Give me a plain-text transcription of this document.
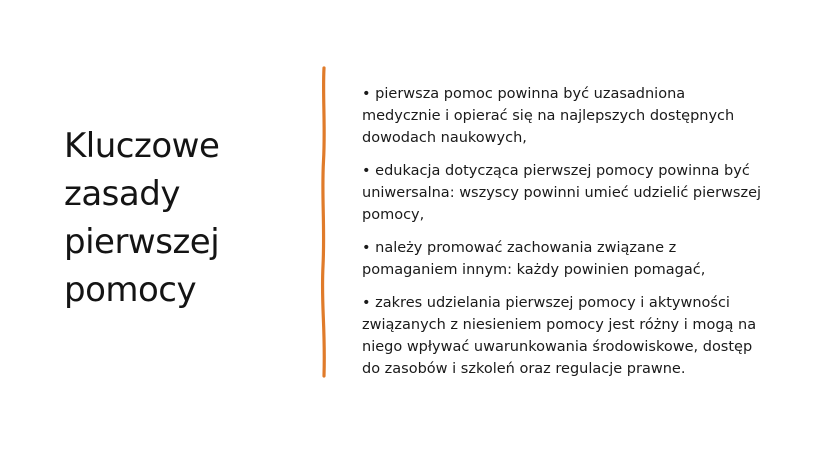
Kluczowe
zasady
pierwszej
pomocy
• pierwsza pomoc powinna być uzasadniona
medycznie i opierać się na najlepszych dostępnych
dowodach naukowych,
• edukacja dotycząca pierwszej pomocy powinna być
uniwersalna: wszyscy powinni umieć udzielić pierwszej
pomocy,
• należy promować zachowania związane z
pomaganiem innym: każdy powinien pomagać,
• zakres udzielania pierwszej pomocy i aktywności
związanych z niesieniem pomocy jest różny i mogą na
niego wpływać uwarunkowania środowiskowe, dostęp
do zasobów i szkoleń oraz regulacje prawne.
